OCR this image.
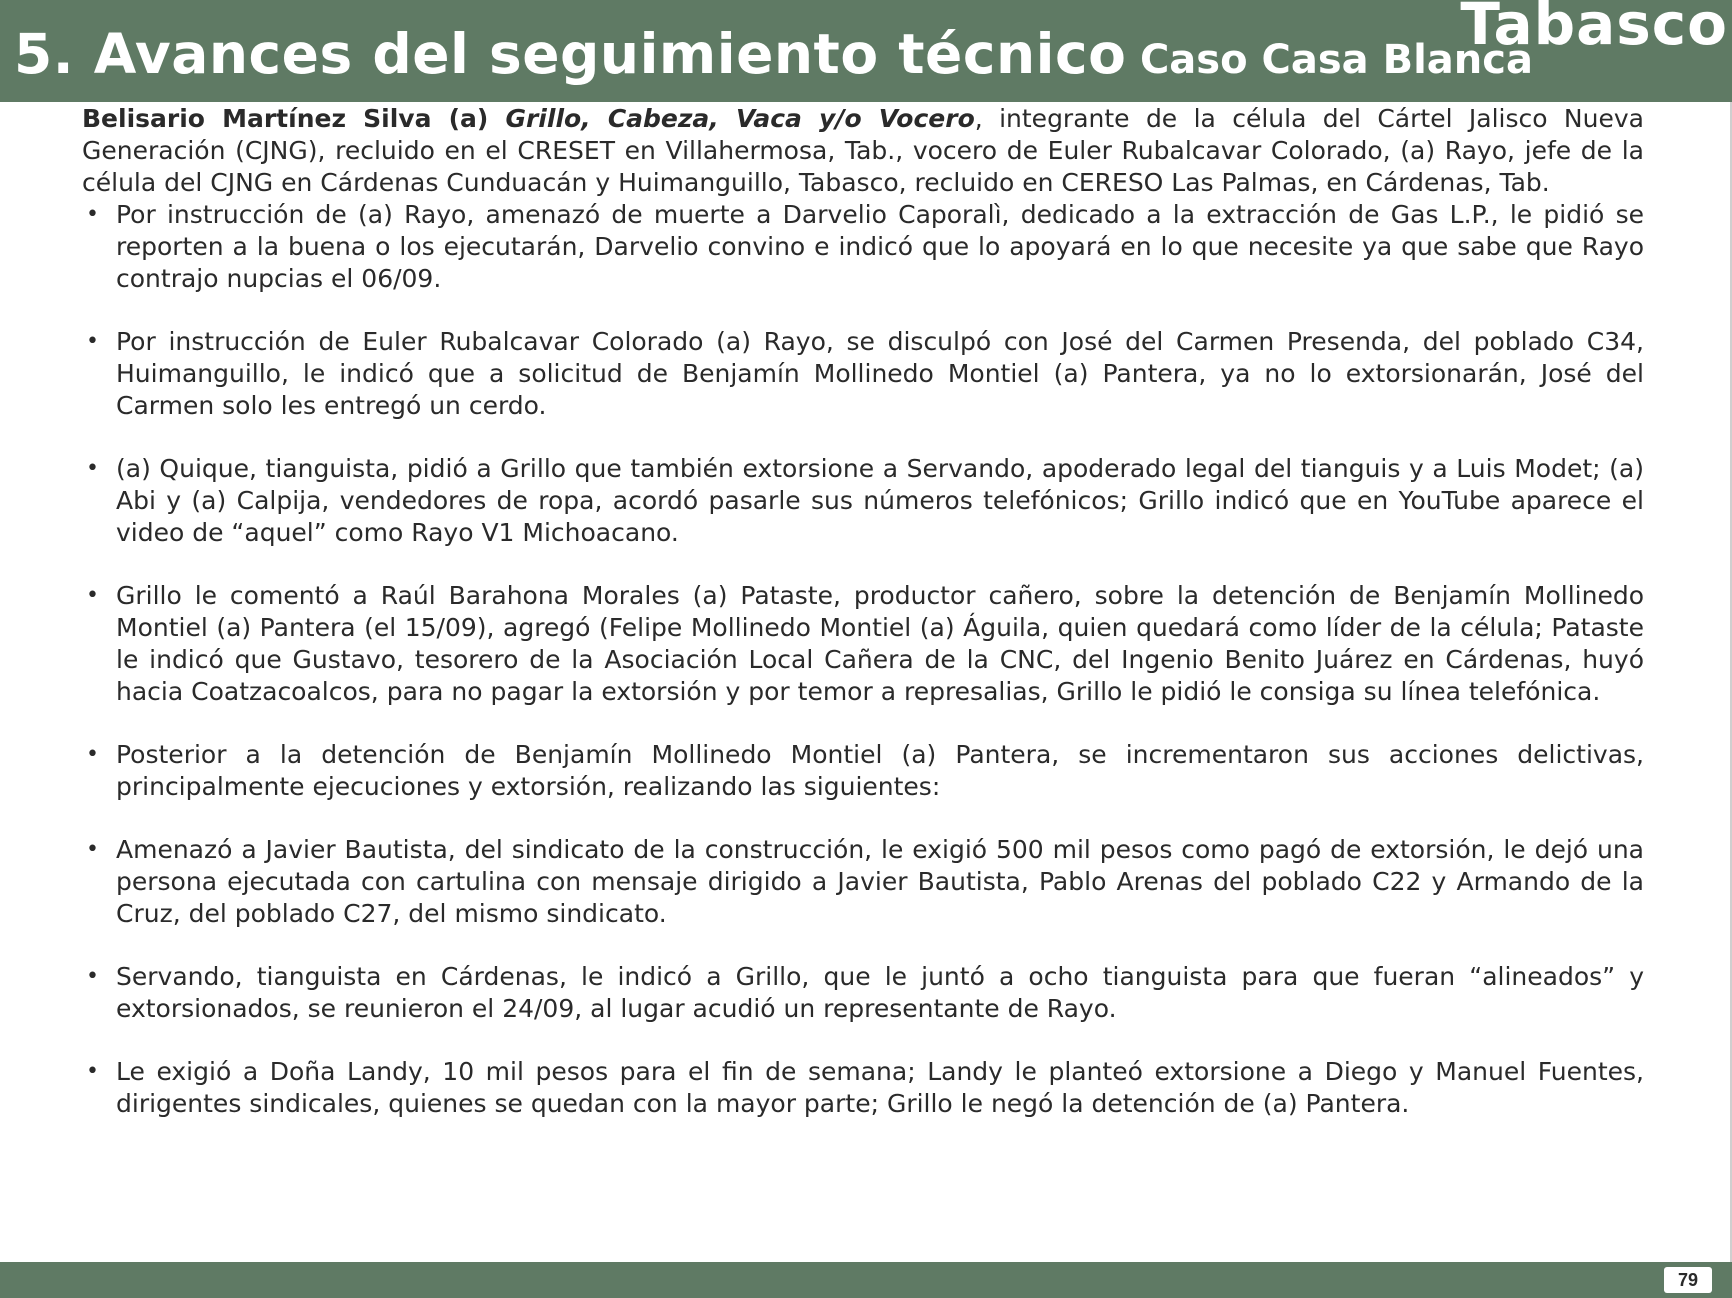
5. Avances del seguimiento técnico Caso Casa Blanca
Tabasco

Belisario Martínez Silva (a) Grillo, Cabeza, Vaca y/o Vocero, integrante de la célula del Cártel Jalisco Nueva Generación (CJNG), recluido en el CRESET en Villahermosa, Tab., vocero de Euler Rubalcavar Colorado, (a) Rayo, jefe de la célula del CJNG en Cárdenas Cunduacán y Huimanguillo, Tabasco, recluido en CERESO Las Palmas, en Cárdenas, Tab.

• Por instrucción de (a) Rayo, amenazó de muerte a Darvelio Caporalì, dedicado a la extracción de Gas L.P., le pidió se reporten a la buena o los ejecutarán, Darvelio convino e indicó que lo apoyará en lo que necesite ya que sabe que Rayo contrajo nupcias el 06/09.
• Por instrucción de Euler Rubalcavar Colorado (a) Rayo, se disculpó con José del Carmen Presenda, del poblado C34, Huimanguillo, le indicó que a solicitud de Benjamín Mollinedo Montiel (a) Pantera, ya no lo extorsionarán, José del Carmen solo les entregó un cerdo.
• (a) Quique, tianguista, pidió a Grillo que también extorsione a Servando, apoderado legal del tianguis y a Luis Modet; (a) Abi y (a) Calpija, vendedores de ropa, acordó pasarle sus números telefónicos; Grillo indicó que en YouTube aparece el video de “aquel” como Rayo V1 Michoacano.
• Grillo le comentó a Raúl Barahona Morales (a) Pataste, productor cañero, sobre la detención de Benjamín Mollinedo Montiel (a) Pantera (el 15/09), agregó (Felipe Mollinedo Montiel (a) Águila, quien quedará como líder de la célula; Pataste le indicó que Gustavo, tesorero de la Asociación Local Cañera de la CNC, del Ingenio Benito Juárez en Cárdenas, huyó hacia Coatzacoalcos, para no pagar la extorsión y por temor a represalias, Grillo le pidió le consiga su línea telefónica.
• Posterior a la detención de Benjamín Mollinedo Montiel (a) Pantera, se incrementaron sus acciones delictivas, principalmente ejecuciones y extorsión, realizando las siguientes:
• Amenazó a Javier Bautista, del sindicato de la construcción, le exigió 500 mil pesos como pagó de extorsión, le dejó una persona ejecutada con cartulina con mensaje dirigido a Javier Bautista, Pablo Arenas del poblado C22 y Armando de la Cruz, del poblado C27, del mismo sindicato.
• Servando, tianguista en Cárdenas, le indicó a Grillo, que le juntó a ocho tianguista para que fueran “alineados” y extorsionados, se reunieron el 24/09, al lugar acudió un representante de Rayo.
• Le exigió a Doña Landy, 10 mil pesos para el fin de semana; Landy le planteó extorsione a Diego y Manuel Fuentes, dirigentes sindicales, quienes se quedan con la mayor parte; Grillo le negó la detención de (a) Pantera.
79
